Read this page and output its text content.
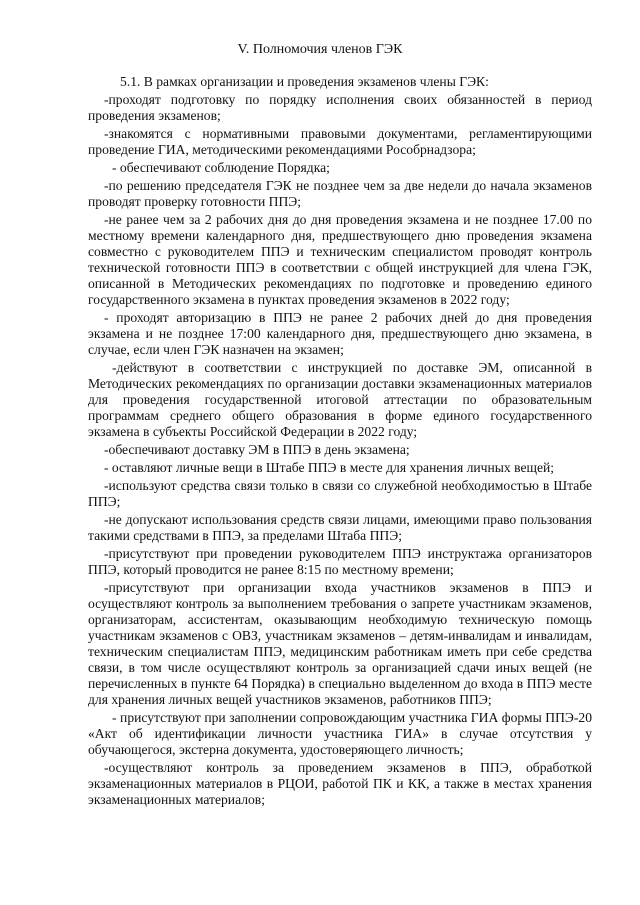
V. Полномочия членов ГЭК

5.1. В рамках организации и проведения экзаменов члены ГЭК:

-проходят подготовку по порядку исполнения своих обязанностей в период проведения экзаменов;

-знакомятся с нормативными правовыми документами, регламентирующими проведение ГИА, методическими рекомендациями Рособрнадзора;

- обеспечивают соблюдение Порядка;

-по решению председателя ГЭК не позднее чем за две недели до начала экзаменов проводят проверку готовности ППЭ;

-не ранее чем за 2 рабочих дня до дня проведения экзамена и не позднее 17.00 по местному времени календарного дня, предшествующего дню проведения экзамена совместно с руководителем ППЭ и техническим специалистом проводят контроль технической готовности ППЭ в соответствии с общей инструкцией для члена ГЭК, описанной в Методических рекомендациях по подготовке и проведению единого государственного экзамена в пунктах проведения экзаменов в 2022 году;

- проходят авторизацию в ППЭ не ранее 2 рабочих дней до дня проведения экзамена и не позднее 17:00 календарного дня, предшествующего дню экзамена, в случае, если член ГЭК назначен на экзамен;

-действуют в соответствии с инструкцией по доставке ЭМ, описанной в Методических рекомендациях по организации доставки экзаменационных материалов для проведения государственной итоговой аттестации по образовательным программам среднего общего образования в форме единого государственного экзамена в субъекты Российской Федерации в 2022 году;

-обеспечивают доставку ЭМ в ППЭ в день экзамена;

- оставляют личные вещи в Штабе ППЭ в месте для хранения личных вещей;

-используют средства связи только в связи со служебной необходимостью в Штабе ППЭ;

-не допускают использования средств связи лицами, имеющими право пользования такими средствами в ППЭ, за пределами Штаба ППЭ;

-присутствуют при проведении руководителем ППЭ инструктажа организаторов ППЭ, который проводится не ранее 8:15 по местному времени;

-присутствуют при организации входа участников экзаменов в ППЭ и осуществляют контроль за выполнением требования о запрете участникам экзаменов, организаторам, ассистентам, оказывающим необходимую техническую помощь участникам экзаменов с ОВЗ, участникам экзаменов – детям-инвалидам и инвалидам, техническим специалистам ППЭ, медицинским работникам иметь при себе средства связи, в том числе осуществляют контроль за организацией сдачи иных вещей (не перечисленных в пункте 64 Порядка) в специально выделенном до входа в ППЭ месте для хранения личных вещей участников экзаменов, работников ППЭ;

- присутствуют при заполнении сопровождающим участника ГИА формы ППЭ-20 «Акт об идентификации личности участника ГИА» в случае отсутствия у обучающегося, экстерна документа, удостоверяющего личность;

-осуществляют контроль за проведением экзаменов в ППЭ, обработкой экзаменационных материалов в РЦОИ, работой ПК и КК, а также в местах хранения экзаменационных материалов;
